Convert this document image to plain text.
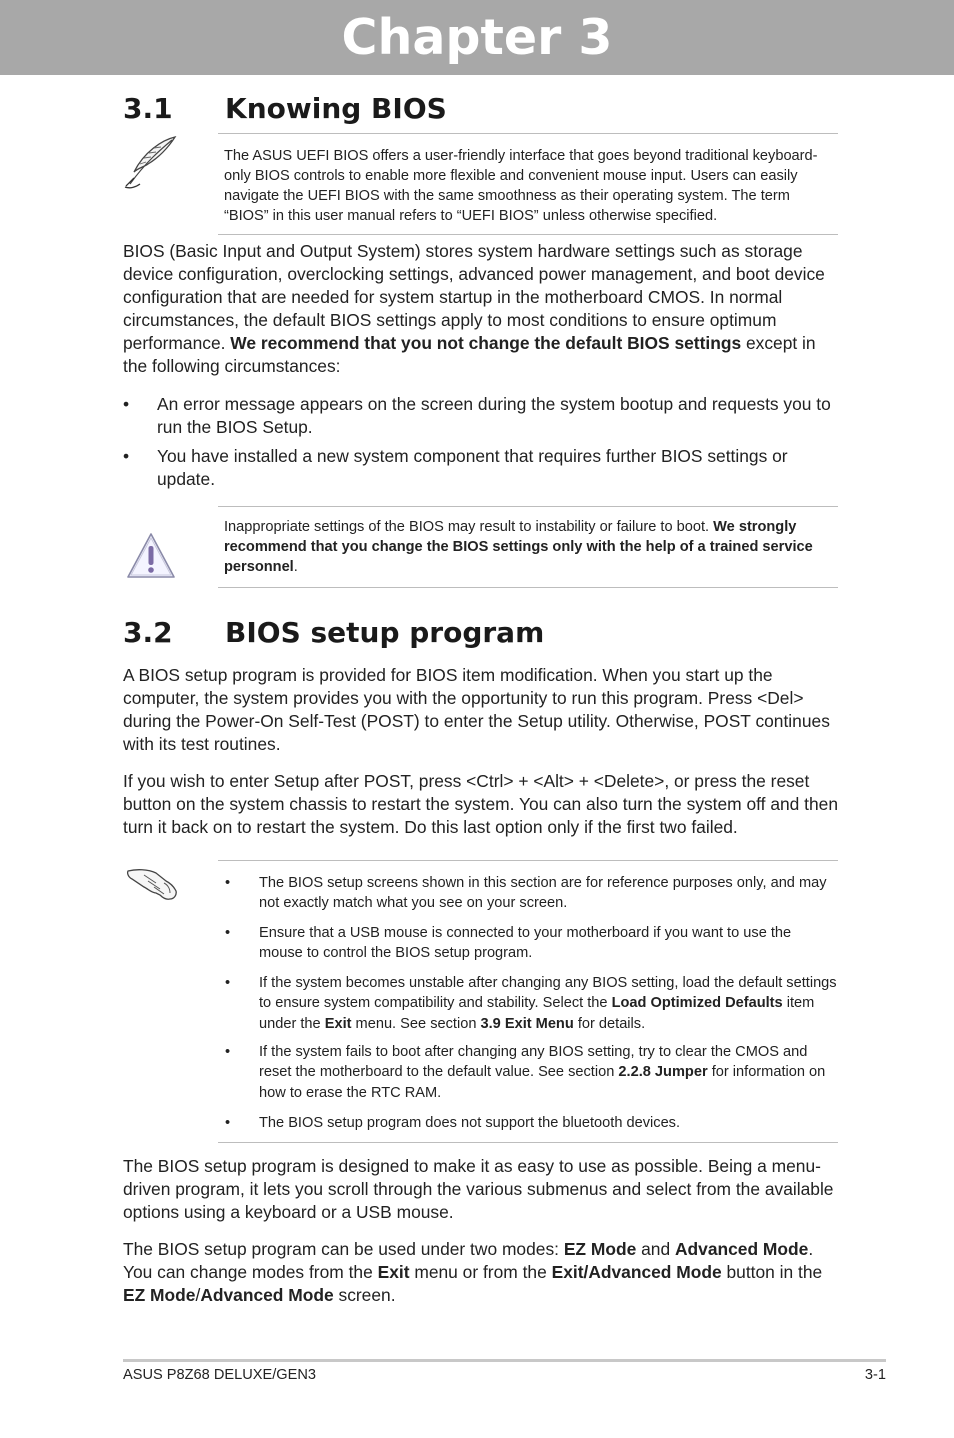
Chapter 3
3.1 Knowing BIOS
The ASUS UEFI BIOS offers a user-friendly interface that goes beyond traditional keyboard-only BIOS controls to enable more flexible and convenient mouse input. Users can easily navigate the UEFI BIOS with the same smoothness as their operating system. The term “BIOS” in this user manual refers to “UEFI BIOS” unless otherwise specified.
BIOS (Basic Input and Output System) stores system hardware settings such as storage device configuration, overclocking settings, advanced power management, and boot device configuration that are needed for system startup in the motherboard CMOS. In normal circumstances, the default BIOS settings apply to most conditions to ensure optimum performance. We recommend that you not change the default BIOS settings except in the following circumstances:
• An error message appears on the screen during the system bootup and requests you to run the BIOS Setup.
• You have installed a new system component that requires further BIOS settings or update.
Inappropriate settings of the BIOS may result to instability or failure to boot. We strongly recommend that you change the BIOS settings only with the help of a trained service personnel.
3.2 BIOS setup program
A BIOS setup program is provided for BIOS item modification. When you start up the computer, the system provides you with the opportunity to run this program. Press <Del> during the Power-On Self-Test (POST) to enter the Setup utility. Otherwise, POST continues with its test routines.
If you wish to enter Setup after POST, press <Ctrl> + <Alt> + <Delete>, or press the reset button on the system chassis to restart the system. You can also turn the system off and then turn it back on to restart the system. Do this last option only if the first two failed.
• The BIOS setup screens shown in this section are for reference purposes only, and may not exactly match what you see on your screen.
• Ensure that a USB mouse is connected to your motherboard if you want to use the mouse to control the BIOS setup program.
• If the system becomes unstable after changing any BIOS setting, load the default settings to ensure system compatibility and stability. Select the Load Optimized Defaults item under the Exit menu. See section 3.9 Exit Menu for details.
• If the system fails to boot after changing any BIOS setting, try to clear the CMOS and reset the motherboard to the default value. See section 2.2.8 Jumper for information on how to erase the RTC RAM.
• The BIOS setup program does not support the bluetooth devices.
The BIOS setup program is designed to make it as easy to use as possible. Being a menu-driven program, it lets you scroll through the various submenus and select from the available options using a keyboard or a USB mouse.
The BIOS setup program can be used under two modes: EZ Mode and Advanced Mode. You can change modes from the Exit menu or from the Exit/Advanced Mode button in the EZ Mode/Advanced Mode screen.
ASUS P8Z68 DELUXE/GEN3	3-1
